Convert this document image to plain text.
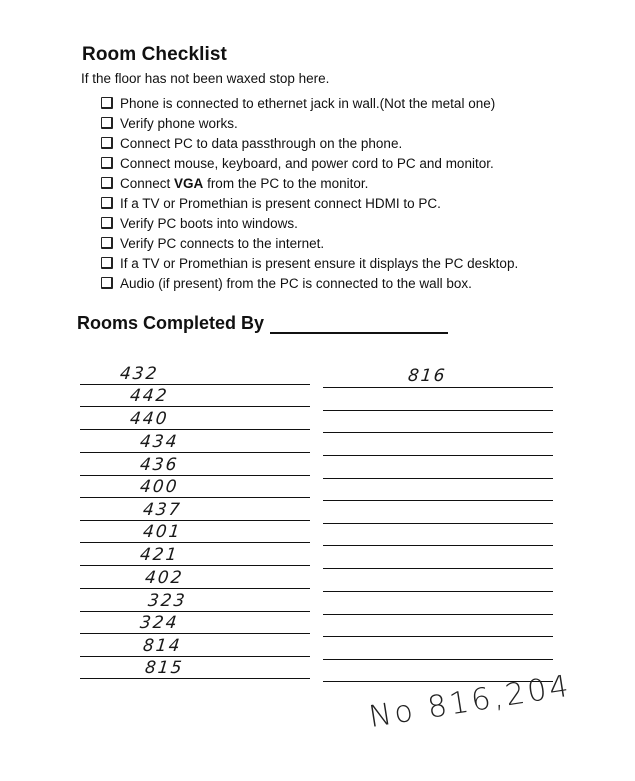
Room Checklist
If the floor has not been waxed stop here.
Phone is connected to ethernet jack in wall.(Not the metal one)
Verify phone works.
Connect PC to data passthrough on the phone.
Connect mouse, keyboard, and power cord to PC and monitor.
Connect VGA from the PC to the monitor.
If a TV or Promethian is present connect HDMI to PC.
Verify PC boots into windows.
Verify PC connects to the internet.
If a TV or Promethian is present ensure it displays the PC desktop.
Audio (if present) from the PC is connected to the wall box.
Rooms Completed By
432
442
440
434
436
400
437
401
421
402
323
324
814
815
816
No 816,204
